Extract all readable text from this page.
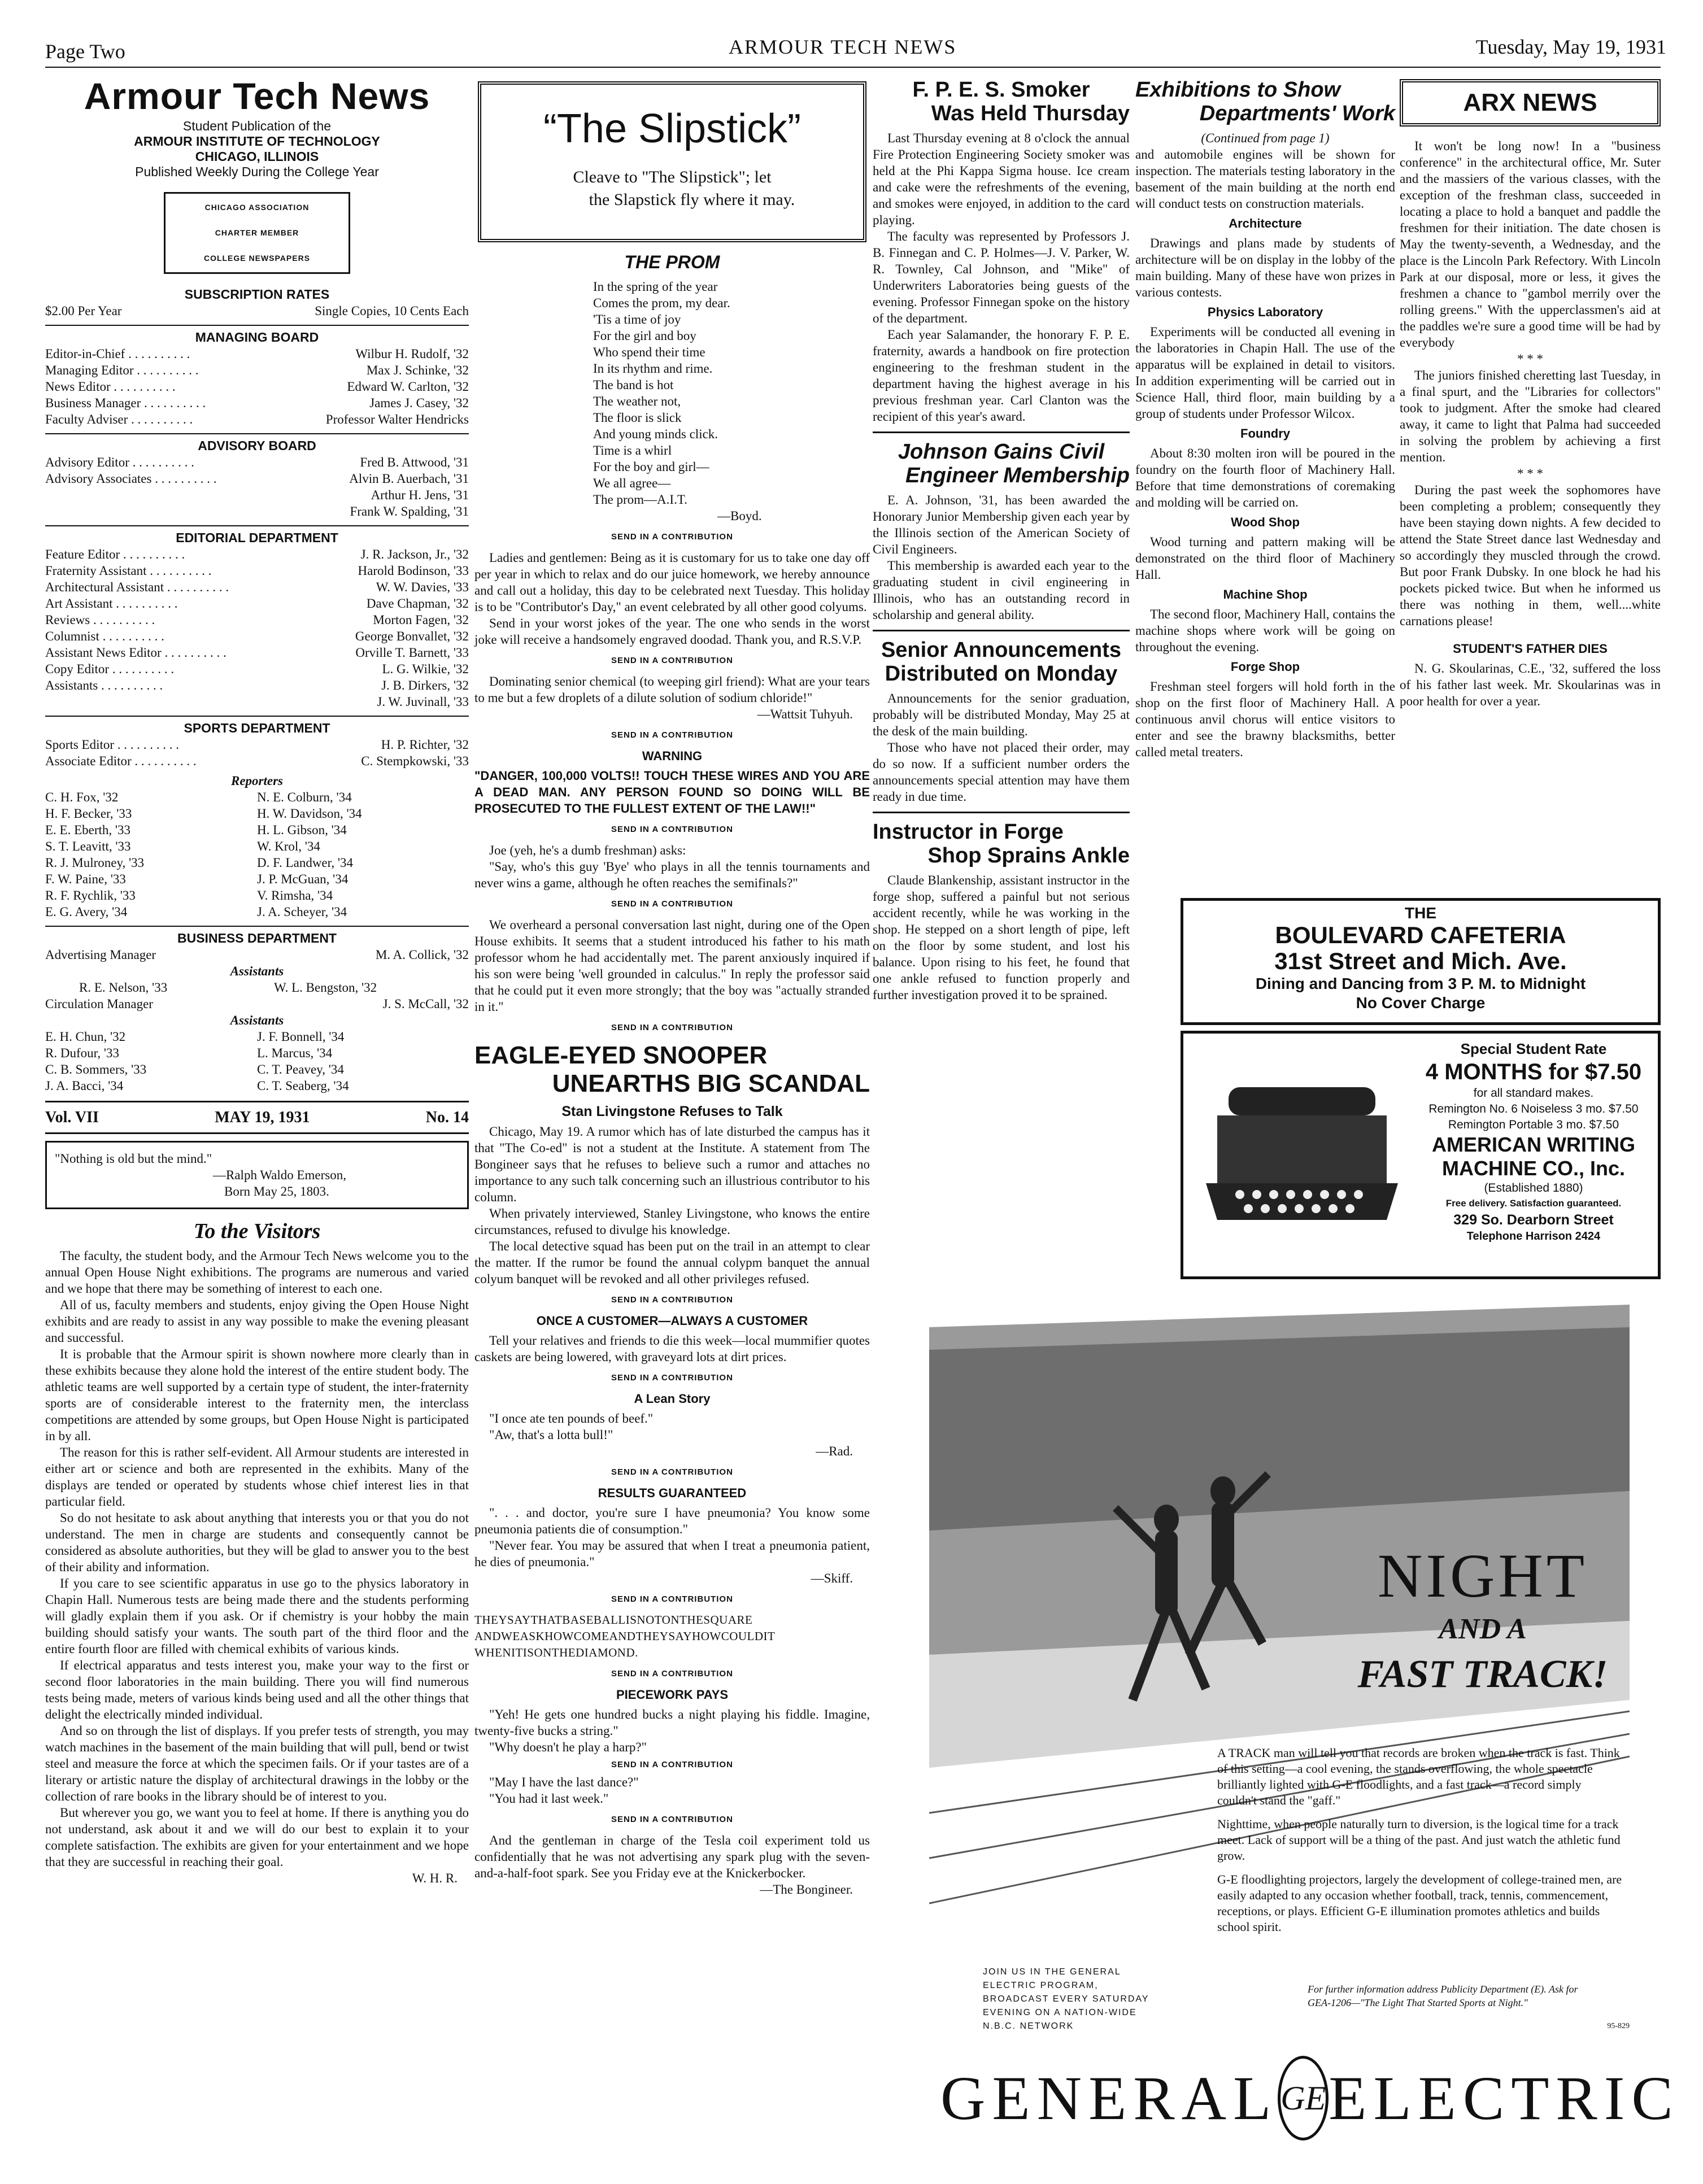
Page Two	ARMOUR TECH NEWS	Tuesday, May 19, 1931
Armour Tech News
Student Publication of the
ARMOUR INSTITUTE OF TECHNOLOGY
CHICAGO, ILLINOIS
Published Weekly During the College Year
CHICAGO ASSOCIATION
CHARTER MEMBER
COLLEGE NEWSPAPERS
SUBSCRIPTION RATES
$2.00 Per Year	Single Copies, 10 Cents Each
MANAGING BOARD
Editor-in-Chief . . . . . . . . . .	Wilbur H. Rudolf, '32
Managing Editor . . . . . . . . . .	Max J. Schinke, '32
News Editor . . . . . . . . . .	Edward W. Carlton, '32
Business Manager . . . . . . . . . .	James J. Casey, '32
Faculty Adviser . . . . . . . . . .	Professor Walter Hendricks
ADVISORY BOARD
Advisory Editor . . . . . . . . . .	Fred B. Attwood, '31
Advisory Associates . . . . . . . . . .	Alvin B. Auerbach, '31
Arthur H. Jens, '31
Frank W. Spalding, '31
EDITORIAL DEPARTMENT
Feature Editor . . . . . . . . . .	J. R. Jackson, Jr., '32
Fraternity Assistant . . . . . . . . . .	Harold Bodinson, '33
Architectural Assistant . . . . . . . . . .	W. W. Davies, '33
Art Assistant . . . . . . . . . .	Dave Chapman, '32
Reviews . . . . . . . . . .	Morton Fagen, '32
Columnist . . . . . . . . . .	George Bonvallet, '32
Assistant News Editor . . . . . . . . . .	Orville T. Barnett, '33
Copy Editor . . . . . . . . . .	L. G. Wilkie, '32
Assistants . . . . . . . . . .	J. B. Dirkers, '32
J. W. Juvinall, '33
SPORTS DEPARTMENT
Sports Editor . . . . . . . . . .	H. P. Richter, '32
Associate Editor . . . . . . . . . .	C. Stempkowski, '33
Reporters
C. H. Fox, '32	N. E. Colburn, '34
H. F. Becker, '33	H. W. Davidson, '34
E. E. Eberth, '33	H. L. Gibson, '34
S. T. Leavitt, '33	W. Krol, '34
R. J. Mulroney, '33	D. F. Landwer, '34
F. W. Paine, '33	J. P. McGuan, '34
R. F. Rychlik, '33	V. Rimsha, '34
E. G. Avery, '34	J. A. Scheyer, '34
BUSINESS DEPARTMENT
Advertising Manager	M. A. Collick, '32
Assistants
R. E. Nelson, '33	W. L. Bengston, '32
Circulation Manager	J. S. McCall, '32
Assistants
E. H. Chun, '32	J. F. Bonnell, '34
R. Dufour, '33	L. Marcus, '34
C. B. Sommers, '33	C. T. Peavey, '34
J. A. Bacci, '34	C. T. Seaberg, '34
Vol. VII	MAY 19, 1931	No. 14
"Nothing is old but the mind."
—Ralph Waldo Emerson,
Born May 25, 1803.
To the Visitors

The faculty, the student body, and the Armour Tech News welcome you to the annual Open House Night exhibitions. The programs are numerous and varied and we hope that there may be something of interest to each one.

All of us, faculty members and students, enjoy giving the Open House Night exhibits and are ready to assist in any way possible to make the evening pleasant and successful.

It is probable that the Armour spirit is shown nowhere more clearly than in these exhibits because they alone hold the interest of the entire student body. The athletic teams are well supported by a certain type of student, the inter-fraternity sports are of considerable interest to the fraternity men, the interclass competitions are attended by some groups, but Open House Night is participated in by all.

The reason for this is rather self-evident. All Armour students are interested in either art or science and both are represented in the exhibits. Many of the displays are tended or operated by students whose chief interest lies in that particular field.

So do not hesitate to ask about anything that interests you or that you do not understand. The men in charge are students and consequently cannot be considered as absolute authorities, but they will be glad to answer you to the best of their ability and information.

If you care to see scientific apparatus in use go to the physics laboratory in Chapin Hall. Numerous tests are being made there and the students performing will gladly explain them if you ask. Or if chemistry is your hobby the main building should satisfy your wants. The south part of the third floor and the entire fourth floor are filled with chemical exhibits of various kinds.

If electrical apparatus and tests interest you, make your way to the first or second floor laboratories in the main building. There you will find numerous tests being made, meters of various kinds being used and all the other things that delight the electrically minded individual.

And so on through the list of displays. If you prefer tests of strength, you may watch machines in the basement of the main building that will pull, bend or twist steel and measure the force at which the specimen fails. Or if your tastes are of a literary or artistic nature the display of architectural drawings in the lobby or the collection of rare books in the library should be of interest to you.

But wherever you go, we want you to feel at home. If there is anything you do not understand, ask about it and we will do our best to explain it to your complete satisfaction. The exhibits are given for your entertainment and we hope that they are successful in reaching their goal.

W. H. R.
“The Slipstick”
Cleave to "The Slipstick"; let
the Slapstick fly where it may.
THE PROM
In the spring of the year
Comes the prom, my dear.
'Tis a time of joy
For the girl and boy
Who spend their time
In its rhythm and rime.
The band is hot
The weather not,
The floor is slick
And young minds click.
Time is a whirl
For the boy and girl—
We all agree—
The prom—A.I.T.
—Boyd.
SEND IN A CONTRIBUTION

Ladies and gentlemen: Being as it is customary for us to take one day off per year in which to relax and do our juice homework, we hereby announce and call out a holiday, this day to be celebrated next Tuesday. This holiday is to be "Contributor's Day," an event celebrated by all other good colyums.

Send in your worst jokes of the year. The one who sends in the worst joke will receive a handsomely engraved doodad. Thank you, and R.S.V.P.

SEND IN A CONTRIBUTION

Dominating senior chemical (to weeping girl friend): What are your tears to me but a few droplets of a dilute solution of sodium chloride!"

—Wattsit Tuhyuh.
SEND IN A CONTRIBUTION
WARNING
"DANGER, 100,000 VOLTS!! TOUCH THESE WIRES AND YOU ARE A DEAD MAN. ANY PERSON FOUND SO DOING WILL BE PROSECUTED TO THE FULLEST EXTENT OF THE LAW!!"
SEND IN A CONTRIBUTION

Joe (yeh, he's a dumb freshman) asks:

"Say, who's this guy 'Bye' who plays in all the tennis tournaments and never wins a game, although he often reaches the semifinals?"

SEND IN A CONTRIBUTION

We overheard a personal conversation last night, during one of the Open House exhibits. It seems that a student introduced his father to his math professor whom he had accidentally met. The parent anxiously inquired if his son were being 'well grounded in calculus." In reply the professor said that he could put it even more strongly; that the boy was "actually stranded in it."

SEND IN A CONTRIBUTION
EAGLE-EYED SNOOPER
UNEARTHS BIG SCANDAL
Stan Livingstone Refuses to Talk

Chicago, May 19. A rumor which has of late disturbed the campus has it that "The Co-ed" is not a student at the Institute. A statement from The Bongineer says that he refuses to believe such a rumor and attaches no importance to any such talk concerning such an illustrious contributor to his column.

When privately interviewed, Stanley Livingstone, who knows the entire circumstances, refused to divulge his knowledge.

The local detective squad has been put on the trail in an attempt to clear the matter. If the rumor be found the annual colypm banquet the annual colyum banquet will be revoked and all other privileges refused.

SEND IN A CONTRIBUTION
ONCE A CUSTOMER—ALWAYS A CUSTOMER

Tell your relatives and friends to die this week—local mummifier quotes caskets are being lowered, with graveyard lots at dirt prices.

SEND IN A CONTRIBUTION
A Lean Story

"I once ate ten pounds of beef."

"Aw, that's a lotta bull!"

—Rad.
SEND IN A CONTRIBUTION
RESULTS GUARANTEED

". . . and doctor, you're sure I have pneumonia? You know some pneumonia patients die of consumption."

"Never fear. You may be assured that when I treat a pneumonia patient, he dies of pneumonia."

—Skiff.
SEND IN A CONTRIBUTION
THEYSAYTHATBASEBALLISNOTONTHESQUARE
ANDWEASKHOWCOMEANDTHEYSAYHOWCOULDIT
WHENITISONTHEDIAMOND.
SEND IN A CONTRIBUTION
PIECEWORK PAYS

"Yeh! He gets one hundred bucks a night playing his fiddle. Imagine, twenty-five bucks a string."

"Why doesn't he play a harp?"

SEND IN A CONTRIBUTION

"May I have the last dance?"

"You had it last week."

SEND IN A CONTRIBUTION

And the gentleman in charge of the Tesla coil experiment told us confidentially that he was not advertising any spark plug with the seven-and-a-half-foot spark. See you Friday eve at the Knickerbocker.

—The Bongineer.
F. P. E. S. Smoker
Was Held Thursday

Last Thursday evening at 8 o'clock the annual Fire Protection Engineering Society smoker was held at the Phi Kappa Sigma house. Ice cream and cake were the refreshments of the evening, and smokes were enjoyed, in addition to the card playing.

The faculty was represented by Professors J. B. Finnegan and C. P. Holmes—J. V. Parker, W. R. Townley, Cal Johnson, and "Mike" of Underwriters Laboratories being guests of the evening. Professor Finnegan spoke on the history of the department.

Each year Salamander, the honorary F. P. E. fraternity, awards a handbook on fire protection engineering to the freshman student in the department having the highest average in his previous freshman year. Carl Clanton was the recipient of this year's award.

Johnson Gains Civil
Engineer Membership

E. A. Johnson, '31, has been awarded the Honorary Junior Membership given each year by the Illinois section of the American Society of Civil Engineers.

This membership is awarded each year to the graduating student in civil engineering in Illinois, who has an outstanding record in scholarship and general ability.

Senior Announcements
Distributed on Monday

Announcements for the senior graduation, probably will be distributed Monday, May 25 at the desk of the main building.

Those who have not placed their order, may do so now. If a sufficient number orders the announcements special attention may have them ready in due time.

Instructor in Forge
Shop Sprains Ankle

Claude Blankenship, assistant instructor in the forge shop, suffered a painful but not serious accident recently, while he was working in the shop. He stepped on a short length of pipe, left on the floor by some student, and lost his balance. Upon rising to his feet, he found that one ankle refused to function properly and further investigation proved it to be sprained.

Exhibitions to Show
Departments' Work
(Continued from page 1)
and automobile engines will be shown for inspection. The materials testing laboratory in the basement of the main building at the north end will conduct tests on construction materials.
Architecture

Drawings and plans made by students of architecture will be on display in the lobby of the main building. Many of these have won prizes in various contests.

Physics Laboratory

Experiments will be conducted all evening in the laboratories in Chapin Hall. The use of the apparatus will be explained in detail to visitors. In addition experimenting will be carried out in Science Hall, third floor, main building by a group of students under Professor Wilcox.

Foundry

About 8:30 molten iron will be poured in the foundry on the fourth floor of Machinery Hall. Before that time demonstrations of coremaking and molding will be carried on.

Wood Shop

Wood turning and pattern making will be demonstrated on the third floor of Machinery Hall.

Machine Shop

The second floor, Machinery Hall, contains the machine shops where work will be going on throughout the evening.

Forge Shop

Freshman steel forgers will hold forth in the shop on the first floor of Machinery Hall. A continuous anvil chorus will entice visitors to enter and see the brawny blacksmiths, better called metal treaters.

ARX NEWS

It won't be long now! In a "business conference" in the architectural office, Mr. Suter and the massiers of the various classes, with the exception of the freshman class, succeeded in locating a place to hold a banquet and paddle the freshmen for their initiation. The date chosen is May the twenty-seventh, a Wednesday, and the place is the Lincoln Park Refectory. With Lincoln Park at our disposal, more or less, it gives the freshmen a chance to "gambol merrily over the rolling greens." With the upperclassmen's aid at the paddles we're sure a good time will be had by everybody

* * *

The juniors finished cheretting last Tuesday, in a final spurt, and the "Libraries for collectors" took to judgment. After the smoke had cleared away, it came to light that Palma had succeeded in solving the problem by achieving a first mention.

* * *

During the past week the sophomores have been completing a problem; consequently they have been staying down nights. A few decided to attend the State Street dance last Wednesday and so accordingly they muscled through the crowd. But poor Frank Dubsky. In one block he had his pockets picked twice. But when he informed us there was nothing in them, well....white carnations please!

STUDENT'S FATHER DIES

N. G. Skoularinas, C.E., '32, suffered the loss of his father last week. Mr. Skoularinas was in poor health for over a year.

THE
BOULEVARD CAFETERIA
31st Street and Mich. Ave.
Dining and Dancing from 3 P. M. to Midnight
No Cover Charge
Special Student Rate
4 MONTHS for $7.50
for all standard makes.
Remington No. 6 Noiseless 3 mo. $7.50
Remington Portable 3 mo. $7.50
AMERICAN WRITING
MACHINE CO., Inc.
(Established 1880)
Free delivery. Satisfaction guaranteed.
329 So. Dearborn Street
Telephone Harrison 2424
NIGHT
AND A
FAST TRACK!
A TRACK man will tell you that records are broken when the track is fast. Think of this setting—a cool evening, the stands overflowing, the whole spectacle brilliantly lighted with G-E floodlights, and a fast track—a record simply couldn't stand the "gaff."
Nighttime, when people naturally turn to diversion, is the logical time for a track meet. Lack of support will be a thing of the past. And just watch the athletic fund grow.
G-E floodlighting projectors, largely the development of college-trained men, are easily adapted to any occasion whether football, track, tennis, commencement, receptions, or plays. Efficient G-E illumination promotes athletics and builds school spirit.
JOIN US IN THE GENERAL ELECTRIC PROGRAM, BROADCAST EVERY SATURDAY EVENING ON A NATION-WIDE N.B.C. NETWORK
For further information address Publicity Department (E). Ask for GEA-1206—"The Light That Started Sports at Night."
95-829
GENERAL GE ELECTRIC
